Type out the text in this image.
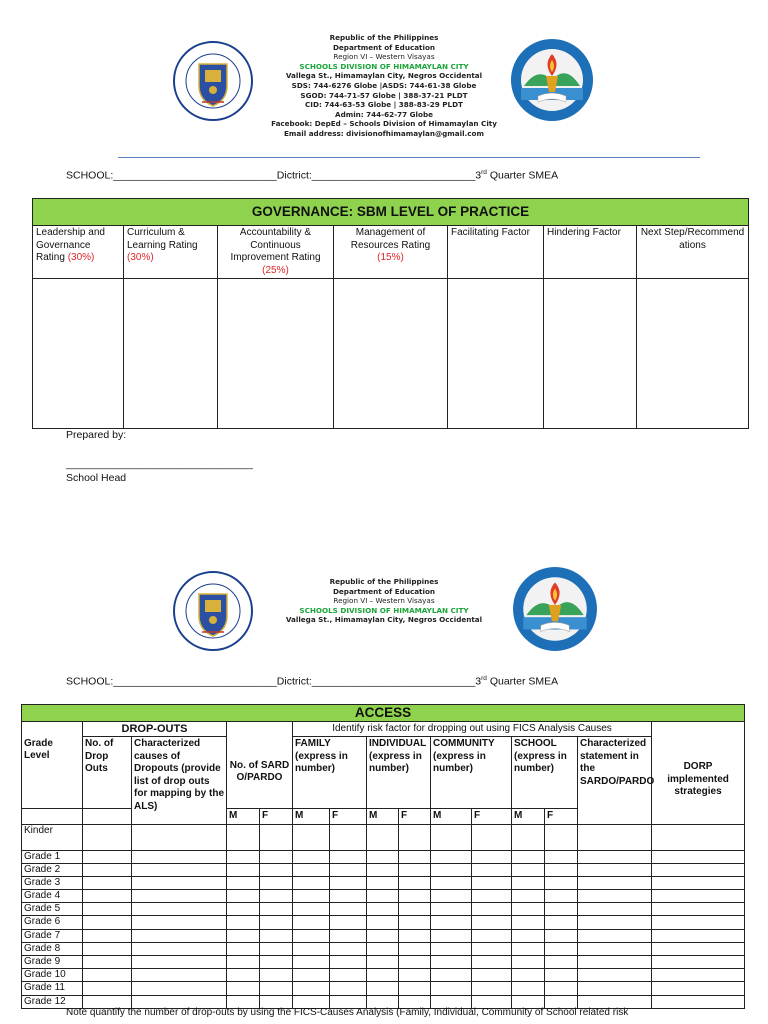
Republic of the Philippines
Department of Education
Region VI – Western Visayas
SCHOOLS DIVISION OF HIMAMAYLAN CITY
Vallega St., Himamaylan City, Negros Occidental
SDS: 744-6276 Globe |ASDS: 744-61-38 Globe
SGOD: 744-71-57 Globe | 388-37-21 PLDT
CID: 744-63-53 Globe | 388-83-29 PLDT
Admin: 744-62-77 Globe
Facebook: DepEd – Schools Division of Himamaylan City
Email address: divisionofhimamaylan@gmail.com
SCHOOL:____________________________Dictrict:____________________________3rd Quarter SMEA
GOVERNANCE: SBM LEVEL OF PRACTICE						
Leadership and Governance Rating (30%)	Curriculum & Learning Rating (30%)	Accountability & Continuous Improvement Rating
(25%)	Management of Resources Rating
(15%)	Facilitating Factor	Hindering Factor	Next Step/Recommendations

Prepared by:
________________________________
School Head
Republic of the Philippines
Department of Education
Region VI – Western Visayas
SCHOOLS DIVISION OF HIMAMAYLAN CITY
Vallega St., Himamaylan City, Negros Occidental
SCHOOL:____________________________Dictrict:____________________________3rd Quarter SMEA
ACCESS														
	DROP-OUTS				Identify risk factor for dropping out using FICS Analysis Causes									
Grade Level	No. of Drop Outs	Characterized causes of Dropouts (provide list of drop outs for mapping by the ALS)	No. of SARDO/PARDO		FAMILY (express in number)		INDIVIDUAL (express in number)		COMMUNITY (express in number)		SCHOOL (express in number)		Characterized statement in the SARDO/PARDO	DORP implemented strategies
			M	F	M	F	M	F	M	F	M	F		
Kinder														
Grade 1														
Grade 2														
Grade 3														
Grade 4														
Grade 5														
Grade 6														
Grade 7														
Grade 8														
Grade 9														
Grade 10														
Grade 11														
Grade 12														
Note quantify the number of drop-outs by using the FICS-Causes Analysis (Family, Individual, Community of School related risk
